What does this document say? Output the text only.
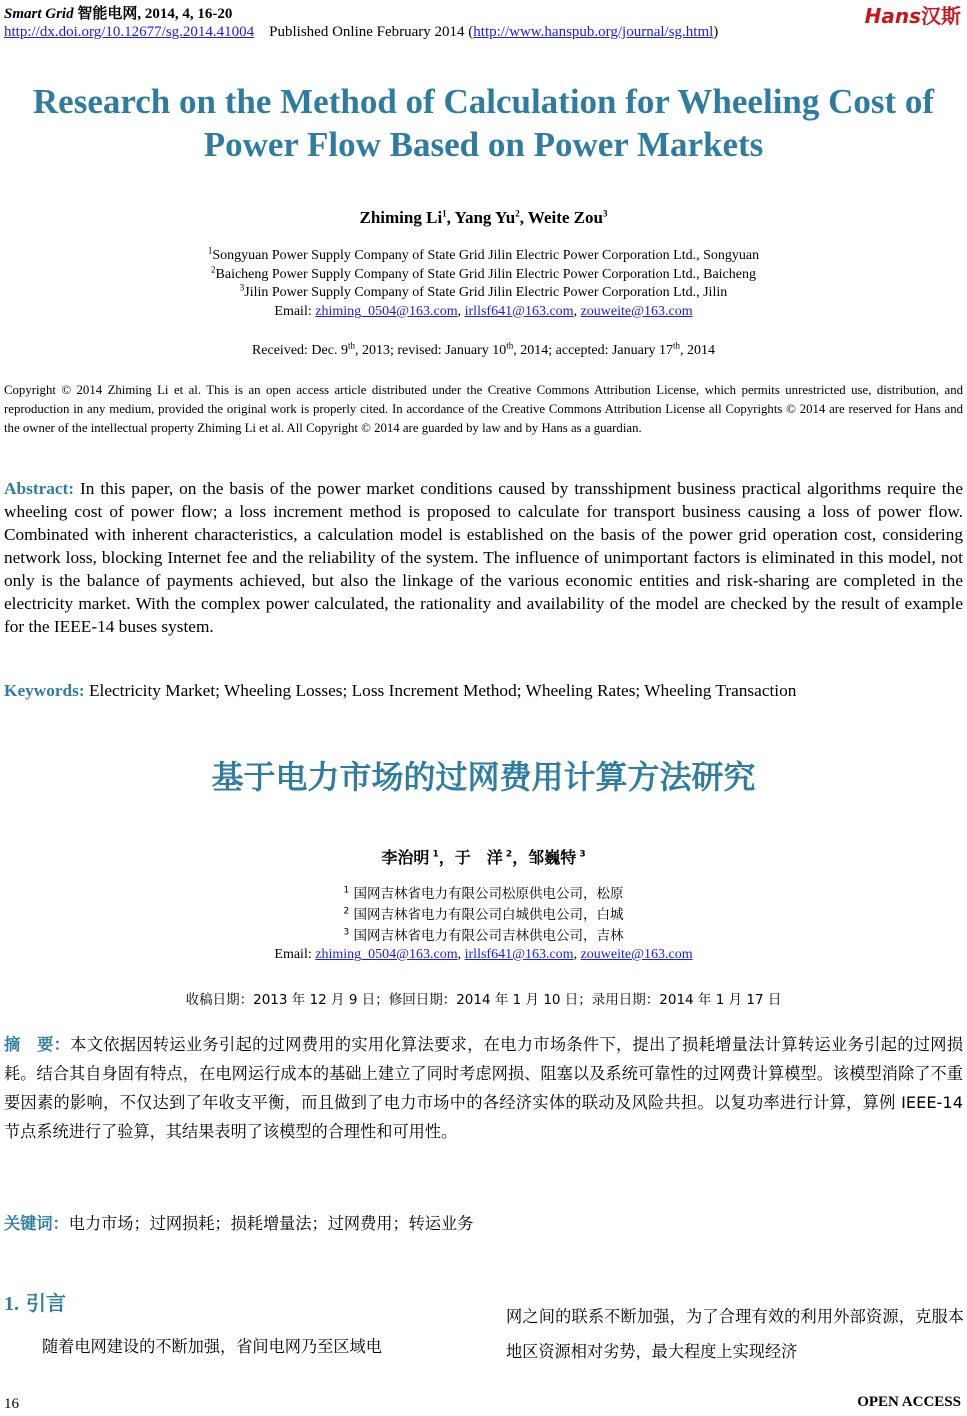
Smart Grid 智能电网, 2014, 4, 16-20
http://dx.doi.org/10.12677/sg.2014.41004 Published Online February 2014 (http://www.hanspub.org/journal/sg.html)
Hans汉斯
Research on the Method of Calculation for Wheeling Cost of Power Flow Based on Power Markets
Zhiming Li$^1$, Yang Yu$^2$, Weite Zou$^3$
$^1$Songyuan Power Supply Company of State Grid Jilin Electric Power Corporation Ltd., Songyuan
$^2$Baicheng Power Supply Company of State Grid Jilin Electric Power Corporation Ltd., Baicheng
$^3$Jilin Power Supply Company of State Grid Jilin Electric Power Corporation Ltd., Jilin
Email: zhiming_0504@163.com, irllsf641@163.com, zouweite@163.com
Received: Dec. 9th, 2013; revised: January 10th, 2014; accepted: January 17th, 2014
Copyright © 2014 Zhiming Li et al. This is an open access article distributed under the Creative Commons Attribution License, which permits unrestricted use, distribution, and reproduction in any medium, provided the original work is properly cited. In accordance of the Creative Commons Attribution License all Copyrights © 2014 are reserved for Hans and the owner of the intellectual property Zhiming Li et al. All Copyright © 2014 are guarded by law and by Hans as a guardian.
Abstract: In this paper, on the basis of the power market conditions caused by transshipment business practical algorithms require the wheeling cost of power flow; a loss increment method is proposed to calculate for transport business causing a loss of power flow. Combinated with inherent characteristics, a calculation model is established on the basis of the power grid operation cost, considering network loss, blocking Internet fee and the reliability of the system. The influence of unimportant factors is eliminated in this model, not only is the balance of payments achieved, but also the linkage of the various economic entities and risk-sharing are completed in the electricity market. With the complex power calculated, the rationality and availability of the model are checked by the result of example for the IEEE-14 buses system.
Keywords: Electricity Market; Wheeling Losses; Loss Increment Method; Wheeling Rates; Wheeling Transaction
基于电力市场的过网费用计算方法研究
李治明 $^1$，于　洋 $^2$，邹巍特 $^3$
$^1$ 国网吉林省电力有限公司松原供电公司，松原
$^2$ 国网吉林省电力有限公司白城供电公司，白城
$^3$ 国网吉林省电力有限公司吉林供电公司，吉林
Email: zhiming_0504@163.com, irllsf641@163.com, zouweite@163.com
收稿日期：2013 年 12 月 9 日；修回日期：2014 年 1 月 10 日；录用日期：2014 年 1 月 17 日
摘　要：本文依据因转运业务引起的过网费用的实用化算法要求，在电力市场条件下，提出了损耗增量法计算转运业务引起的过网损耗。结合其自身固有特点，在电网运行成本的基础上建立了同时考虑网损、阻塞以及系统可靠性的过网费计算模型。该模型消除了不重要因素的影响，不仅达到了年收支平衡，而且做到了电力市场中的各经济实体的联动及风险共担。以复功率进行计算，算例 IEEE-14 节点系统进行了验算，其结果表明了该模型的合理性和可用性。
关键词：电力市场；过网损耗；损耗增量法；过网费用；转运业务
1. 引言
随着电网建设的不断加强，省间电网乃至区域电
网之间的联系不断加强，为了合理有效的利用外部资源，克服本地区资源相对劣势，最大程度上实现经济
16	OPEN ACCESS
